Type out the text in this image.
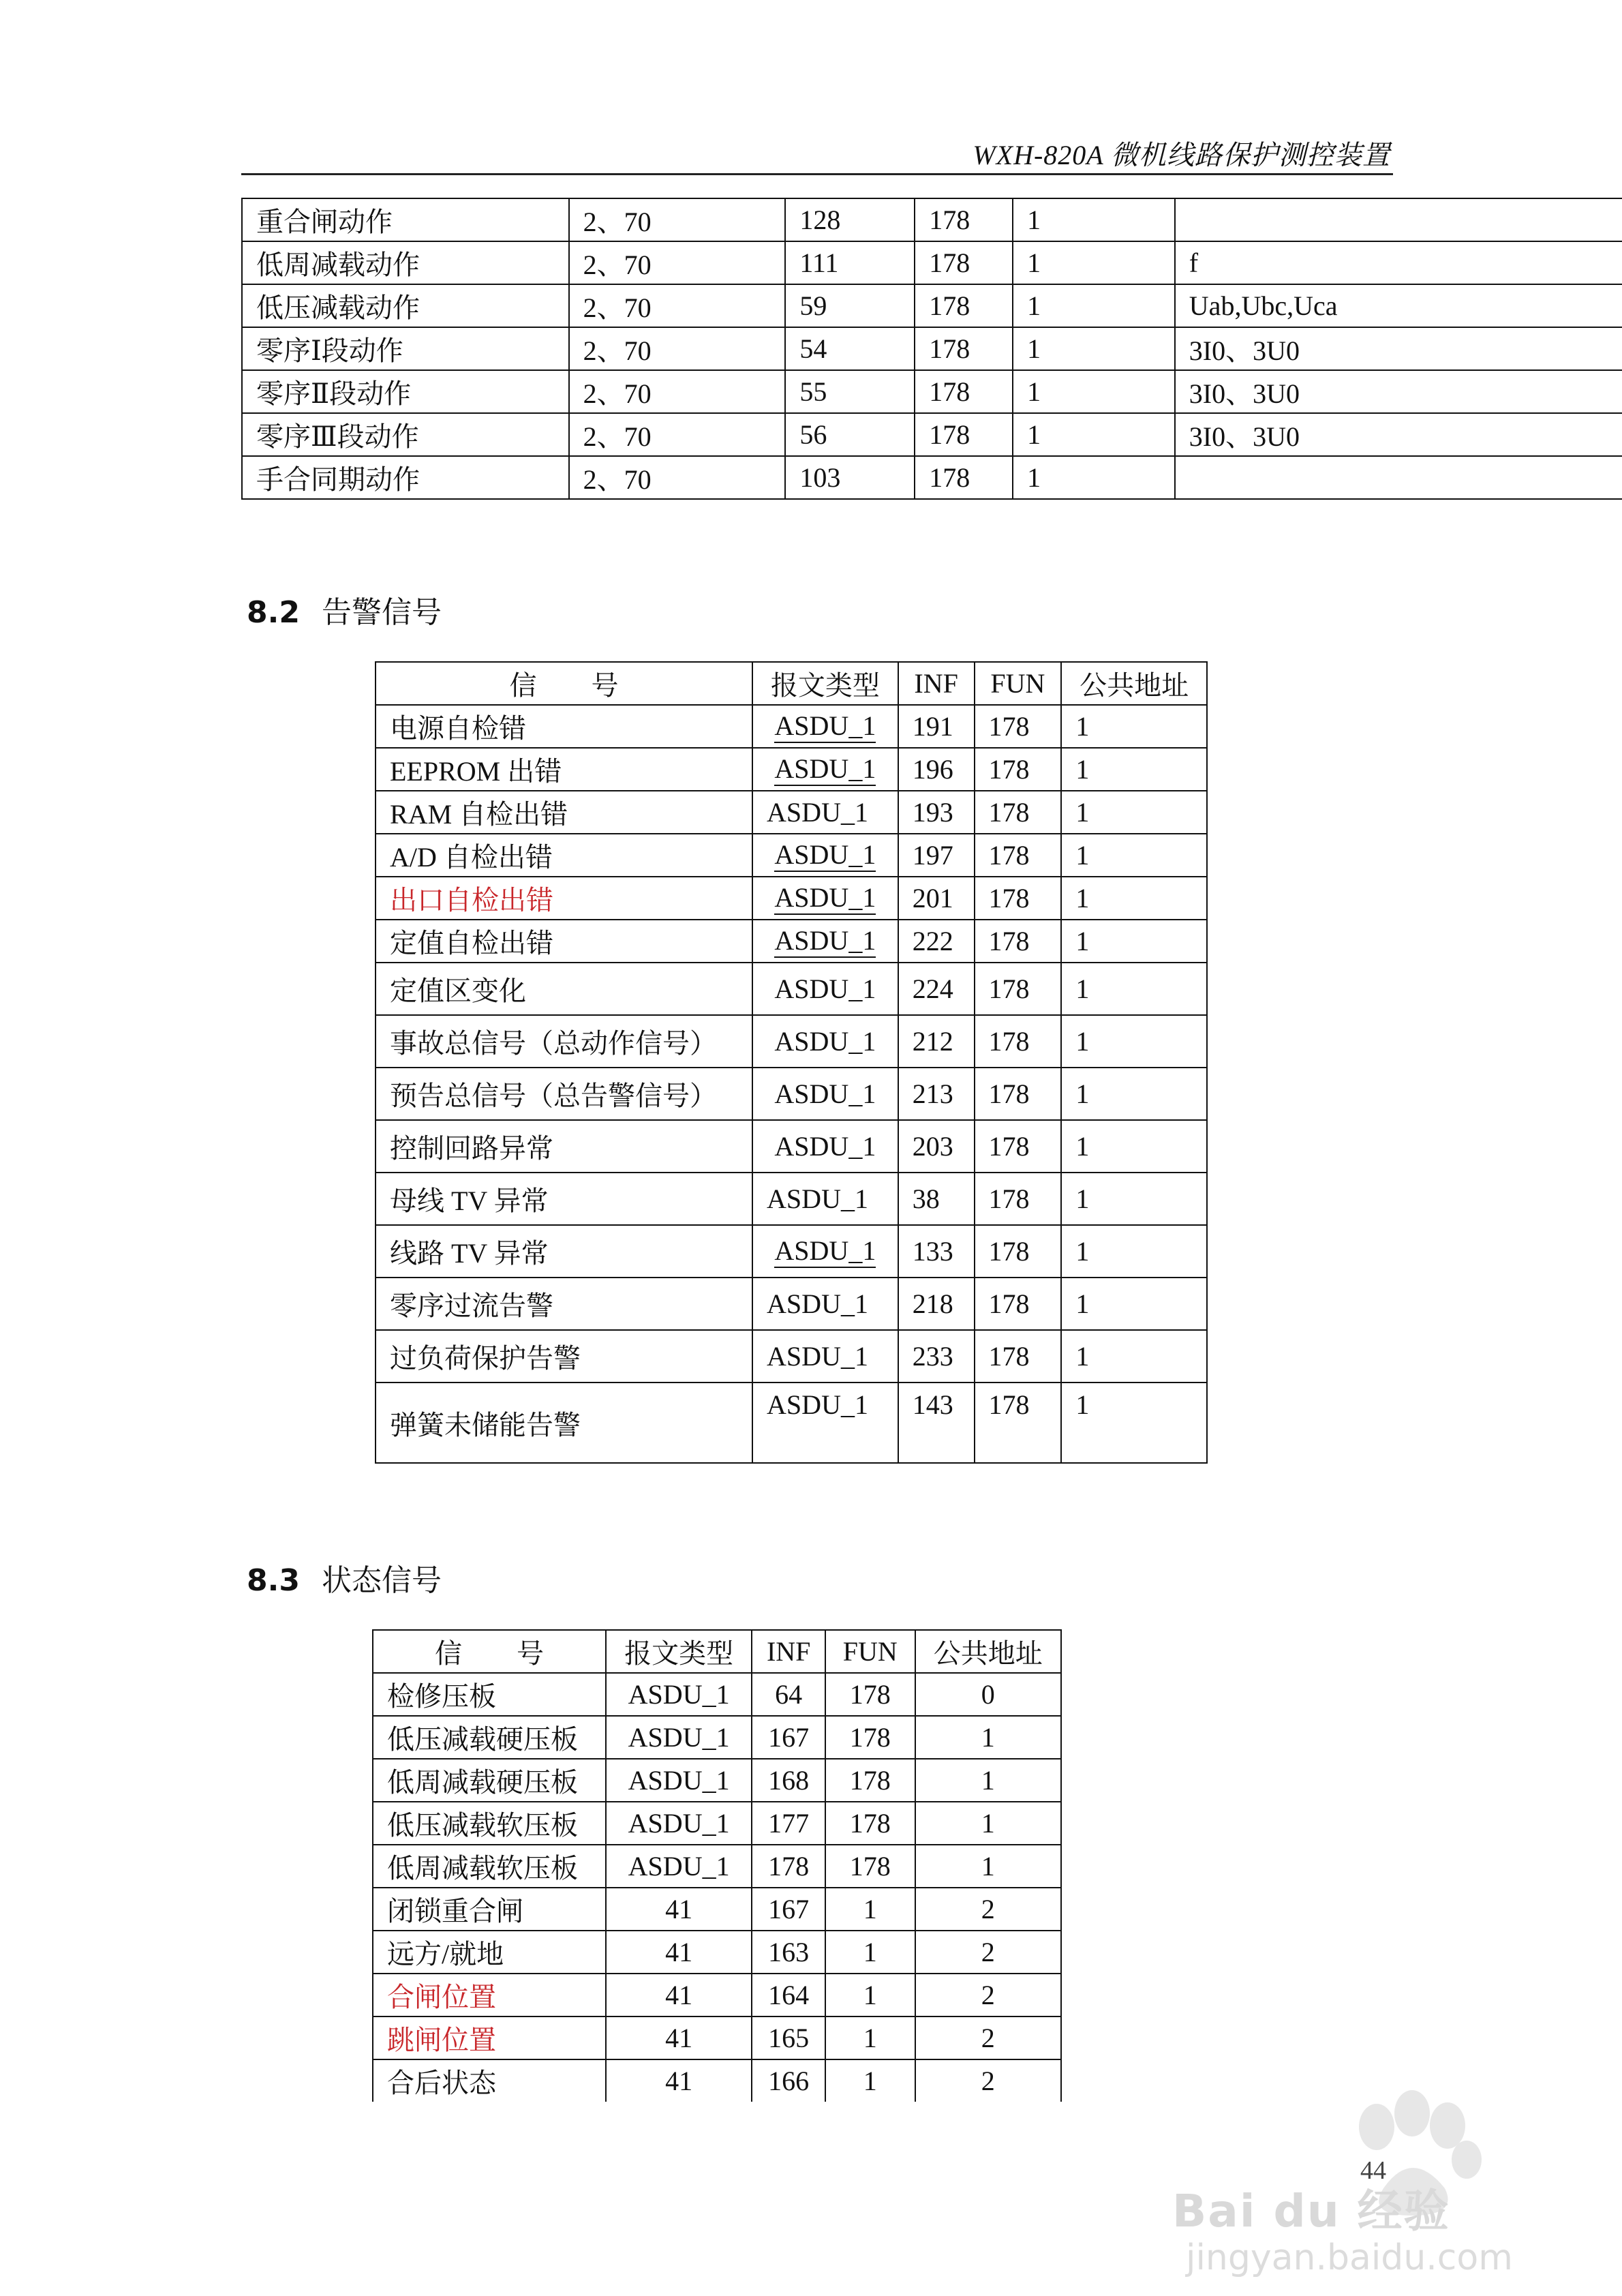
WXH-820A 微机线路保护测控装置
重合闸动作	2、70	128	178	1	
低周减载动作	2、70	111	178	1	f
低压减载动作	2、70	59	178	1	Uab,Ubc,Uca
零序Ⅰ段动作	2、70	54	178	1	3I0、3U0
零序Ⅱ段动作	2、70	55	178	1	3I0、3U0
零序Ⅲ段动作	2、70	56	178	1	3I0、3U0
手合同期动作	2、70	103	178	1	
8.2 告警信号
信　　号	报文类型	INF	FUN	公共地址
电源自检错	ASDU_1	191	178	1
EEPROM 出错	ASDU_1	196	178	1
RAM 自检出错	ASDU_1	193	178	1
A/D 自检出错	ASDU_1	197	178	1
出口自检出错	ASDU_1	201	178	1
定值自检出错	ASDU_1	222	178	1
定值区变化	ASDU_1	224	178	1
事故总信号（总动作信号）	ASDU_1	212	178	1
预告总信号（总告警信号）	ASDU_1	213	178	1
控制回路异常	ASDU_1	203	178	1
母线 TV 异常	ASDU_1	38	178	1
线路 TV 异常	ASDU_1	133	178	1
零序过流告警	ASDU_1	218	178	1
过负荷保护告警	ASDU_1	233	178	1
弹簧未储能告警	ASDU_1	143	178	1
8.3 状态信号
信　　号	报文类型	INF	FUN	公共地址
检修压板	ASDU_1	64	178	0
低压减载硬压板	ASDU_1	167	178	1
低周减载硬压板	ASDU_1	168	178	1
低压减载软压板	ASDU_1	177	178	1
低周减载软压板	ASDU_1	178	178	1
闭锁重合闸	41	167	1	2
远方/就地	41	163	1	2
合闸位置	41	164	1	2
跳闸位置	41	165	1	2
合后状态	41	166	1	2
Bai du 经验
jingyan.baidu.com
44
